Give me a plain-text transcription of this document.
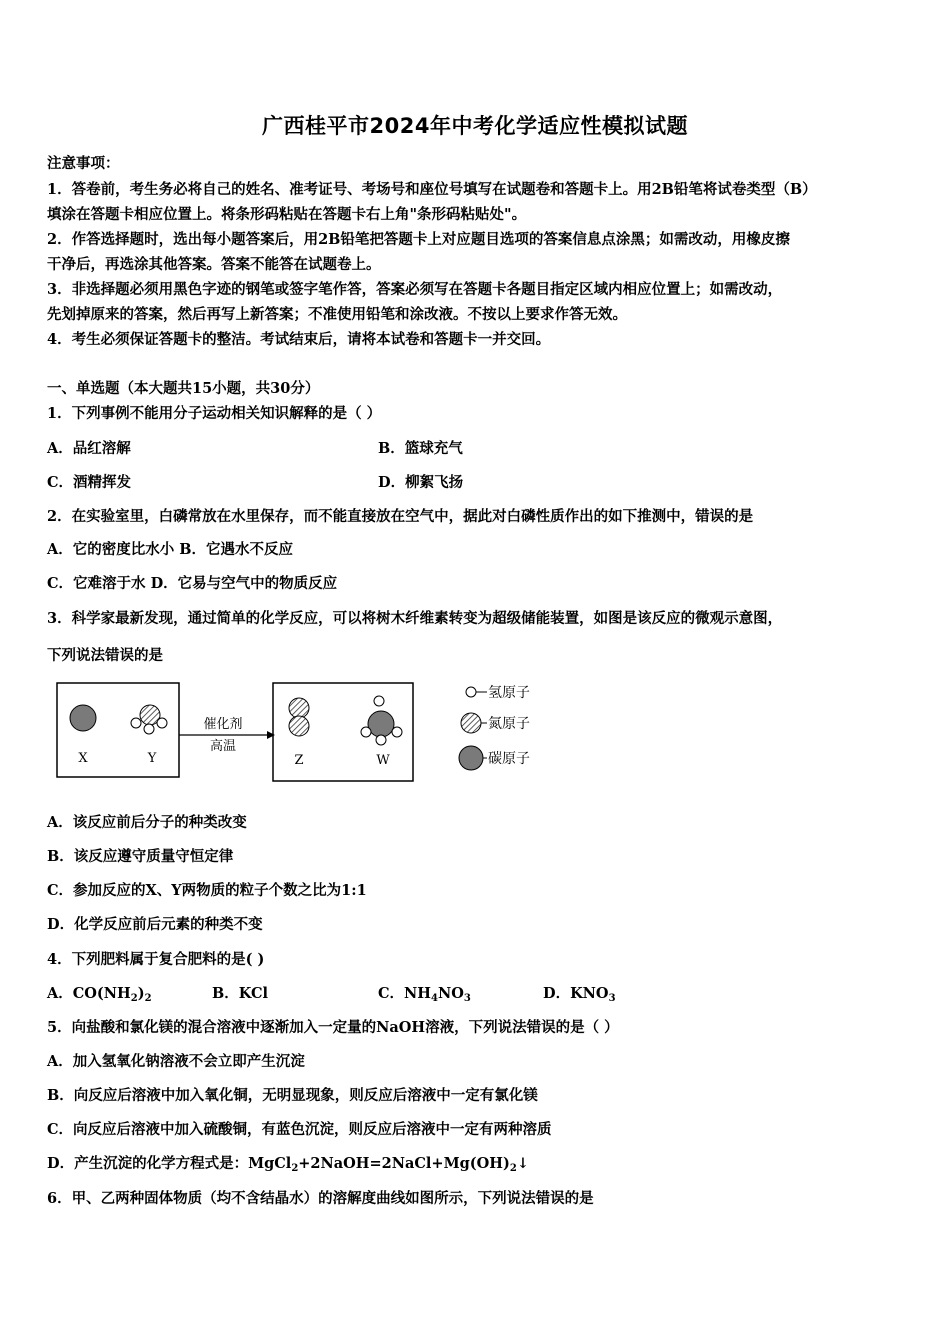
广西桂平市2024年中考化学适应性模拟试题
注意事项：
1．答卷前，考生务必将自己的姓名、准考证号、考场号和座位号填写在试题卷和答题卡上。用2B铅笔将试卷类型（B）
填涂在答题卡相应位置上。将条形码粘贴在答题卡右上角"条形码粘贴处"。
2．作答选择题时，选出每小题答案后，用2B铅笔把答题卡上对应题目选项的答案信息点涂黑；如需改动，用橡皮擦
干净后，再选涂其他答案。答案不能答在试题卷上。
3．非选择题必须用黑色字迹的钢笔或签字笔作答，答案必须写在答题卡各题目指定区域内相应位置上；如需改动，
先划掉原来的答案，然后再写上新答案；不准使用铅笔和涂改液。不按以上要求作答无效。
4．考生必须保证答题卡的整洁。考试结束后，请将本试卷和答题卡一并交回。
一、单选题（本大题共15小题，共30分）
1．下列事例不能用分子运动相关知识解释的是（ ）
A．品红溶解	B．篮球充气
C．酒精挥发	D．柳絮飞扬
2．在实验室里，白磷常放在水里保存，而不能直接放在空气中，据此对白磷性质作出的如下推测中，错误的是
A．它的密度比水小 B．它遇水不反应
C．它难溶于水 D．它易与空气中的物质反应
3．科学家最新发现，通过简单的化学反应，可以将树木纤维素转变为超级储能装置，如图是该反应的微观示意图，
下列说法错误的是
X	Y
催化剂
高温
Z	W
氢原子
氮原子
碳原子
A．该反应前后分子的种类改变
B．该反应遵守质量守恒定律
C．参加反应的X、Y两物质的粒子个数之比为1:1
D．化学反应前后元素的种类不变
4．下列肥料属于复合肥料的是( )
A．$CO(NH_2)_2$	B．KCl	C．$NH_4NO_3$	D．$KNO_3$
5．向盐酸和氯化镁的混合溶液中逐渐加入一定量的NaOH溶液，下列说法错误的是（ ）
A．加入氢氧化钠溶液不会立即产生沉淀
B．向反应后溶液中加入氧化铜，无明显现象，则反应后溶液中一定有氯化镁
C．向反应后溶液中加入硫酸铜，有蓝色沉淀，则反应后溶液中一定有两种溶质
D．产生沉淀的化学方程式是：$MgCl_2+2NaOH=2NaCl+Mg(OH)_2↓$
6．甲、乙两种固体物质（均不含结晶水）的溶解度曲线如图所示，下列说法错误的是
